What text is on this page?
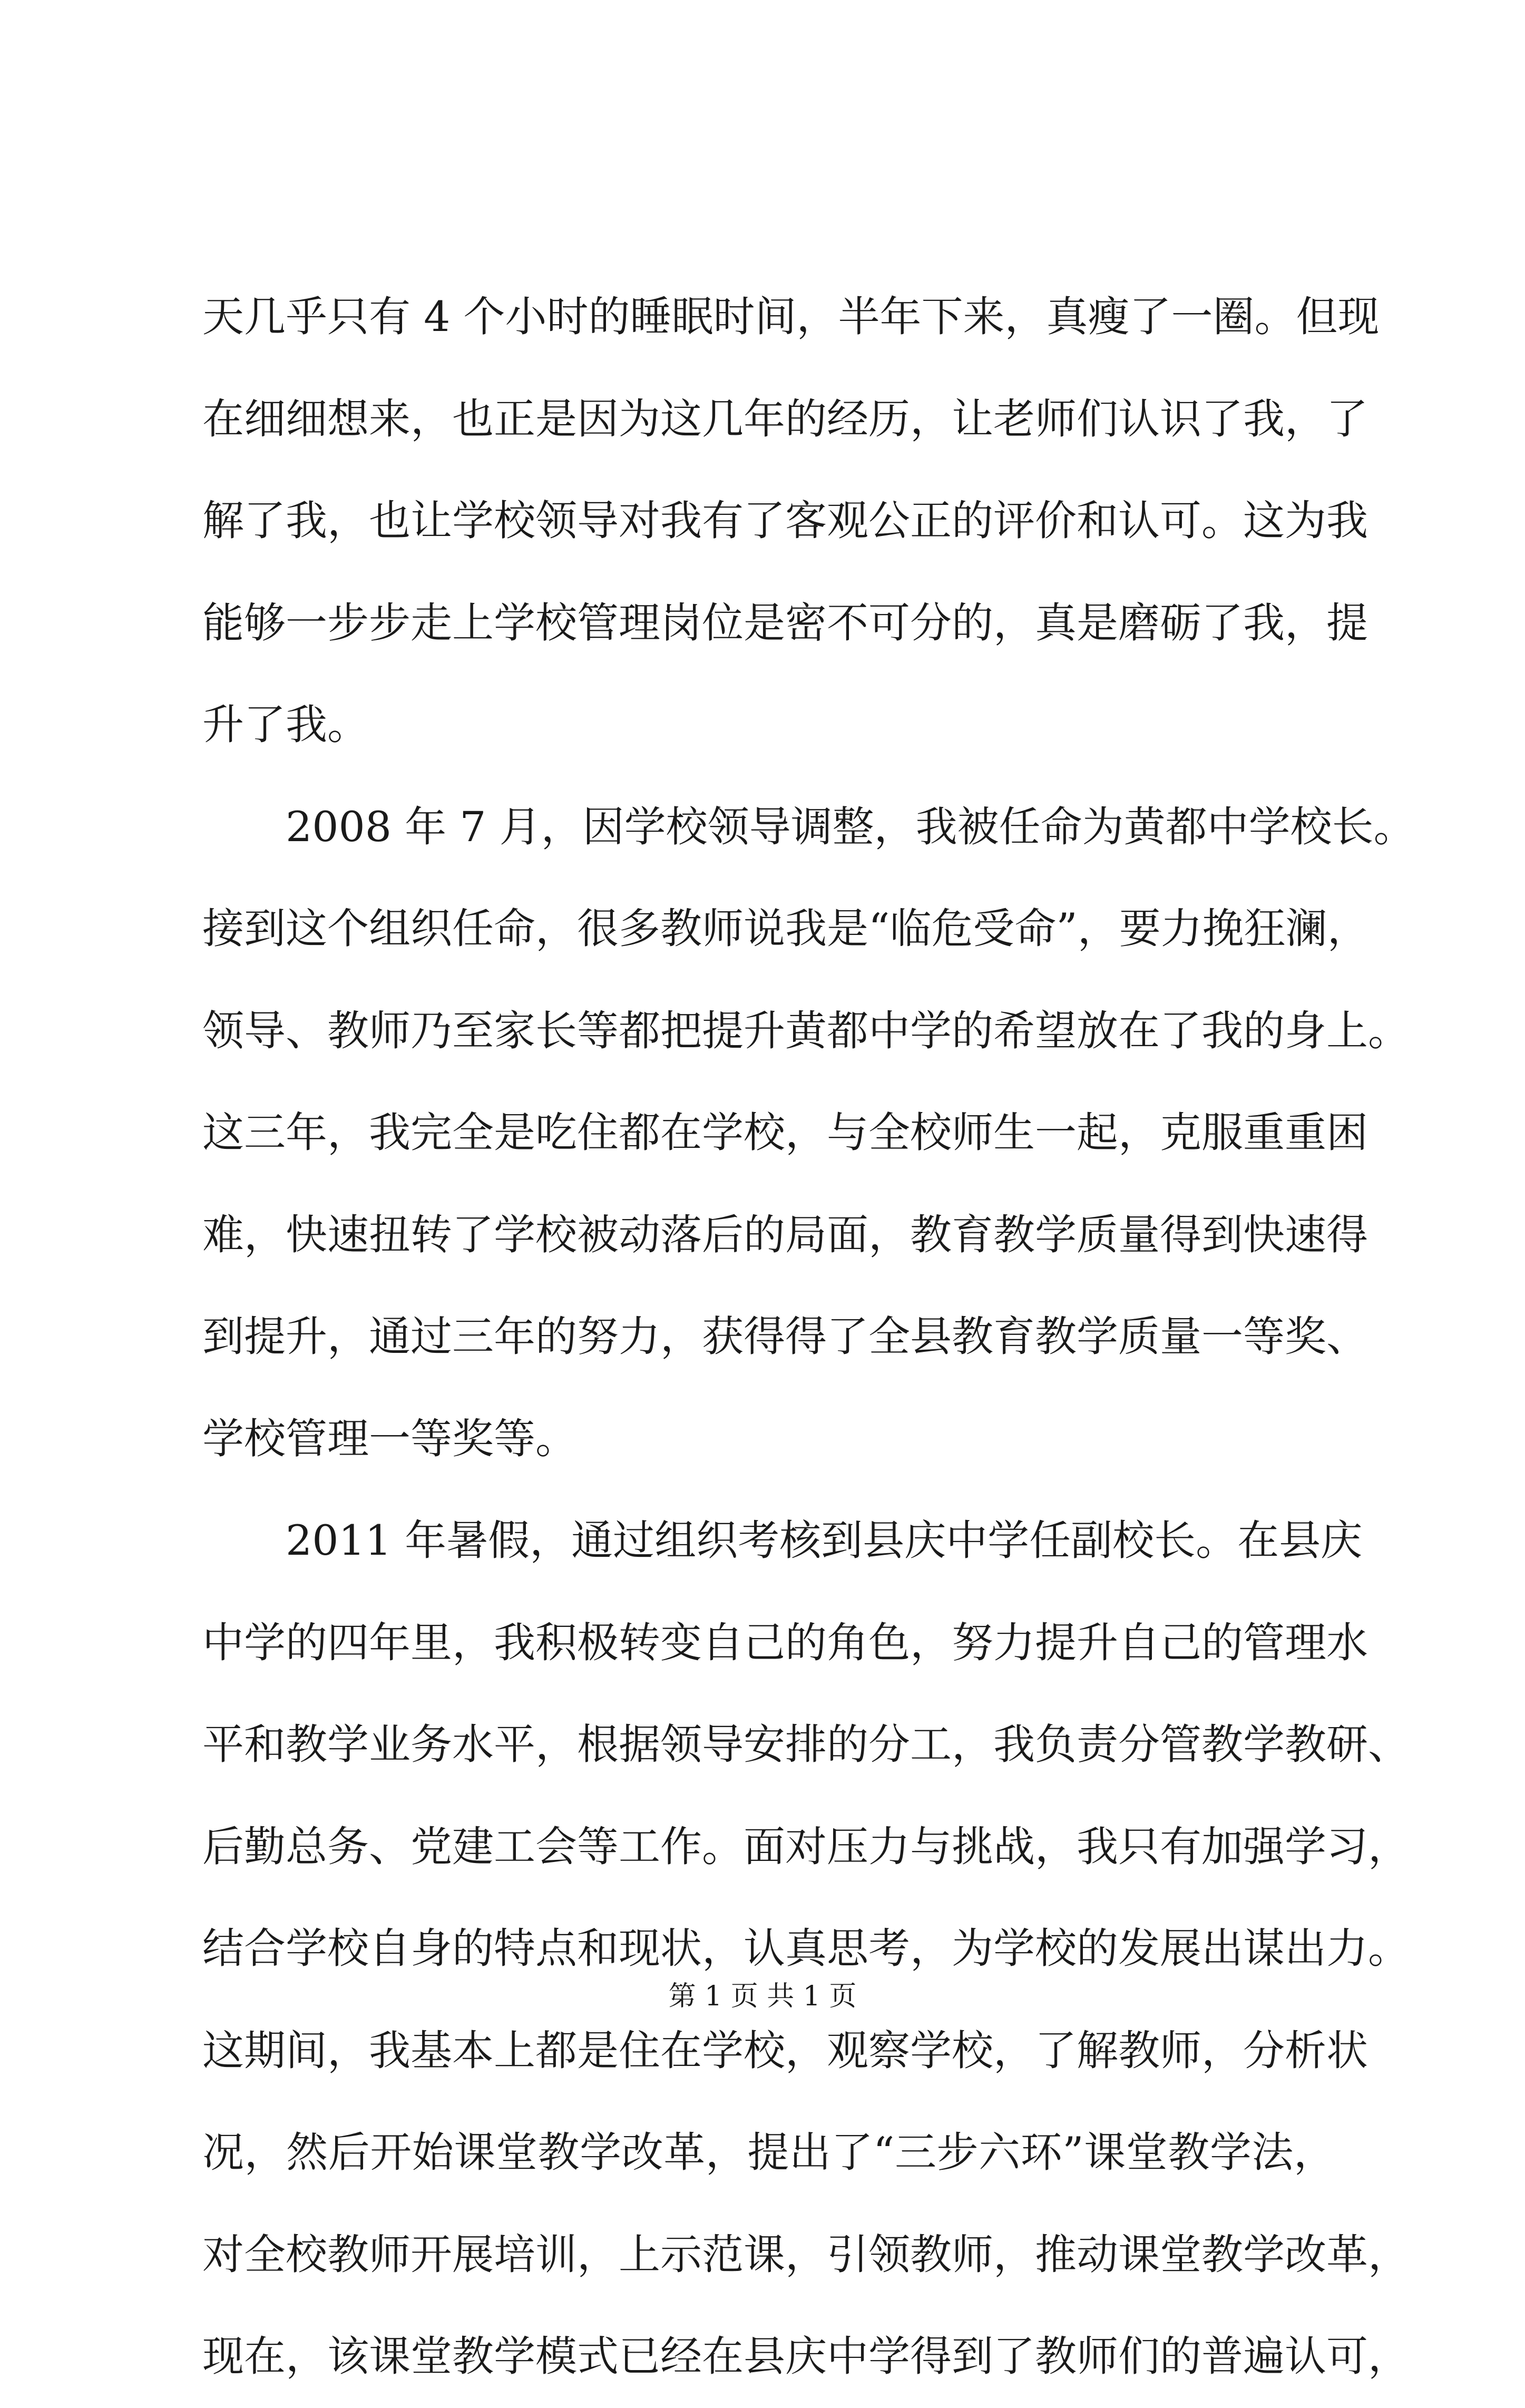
天几乎只有 4 个小时的睡眠时间，半年下来，真瘦了一圈。但现
在细细想来，也正是因为这几年的经历，让老师们认识了我，了
解了我，也让学校领导对我有了客观公正的评价和认可。这为我
能够一步步走上学校管理岗位是密不可分的，真是磨砺了我，提
升了我。
2008 年 7 月，因学校领导调整，我被任命为黄都中学校长。
接到这个组织任命，很多教师说我是“临危受命”，要力挽狂澜，
领导、教师乃至家长等都把提升黄都中学的希望放在了我的身上。
这三年，我完全是吃住都在学校，与全校师生一起，克服重重困
难，快速扭转了学校被动落后的局面，教育教学质量得到快速得
到提升，通过三年的努力，获得得了全县教育教学质量一等奖、
学校管理一等奖等。
2011 年暑假，通过组织考核到县庆中学任副校长。在县庆
中学的四年里，我积极转变自己的角色，努力提升自己的管理水
平和教学业务水平，根据领导安排的分工，我负责分管教学教研、
后勤总务、党建工会等工作。面对压力与挑战，我只有加强学习，
结合学校自身的特点和现状，认真思考，为学校的发展出谋出力。
这期间，我基本上都是住在学校，观察学校，了解教师，分析状
况，然后开始课堂教学改革，提出了“三步六环”课堂教学法，
对全校教师开展培训，上示范课，引领教师，推动课堂教学改革，
现在，该课堂教学模式已经在县庆中学得到了教师们的普遍认可，
第 1 页 共 1 页
